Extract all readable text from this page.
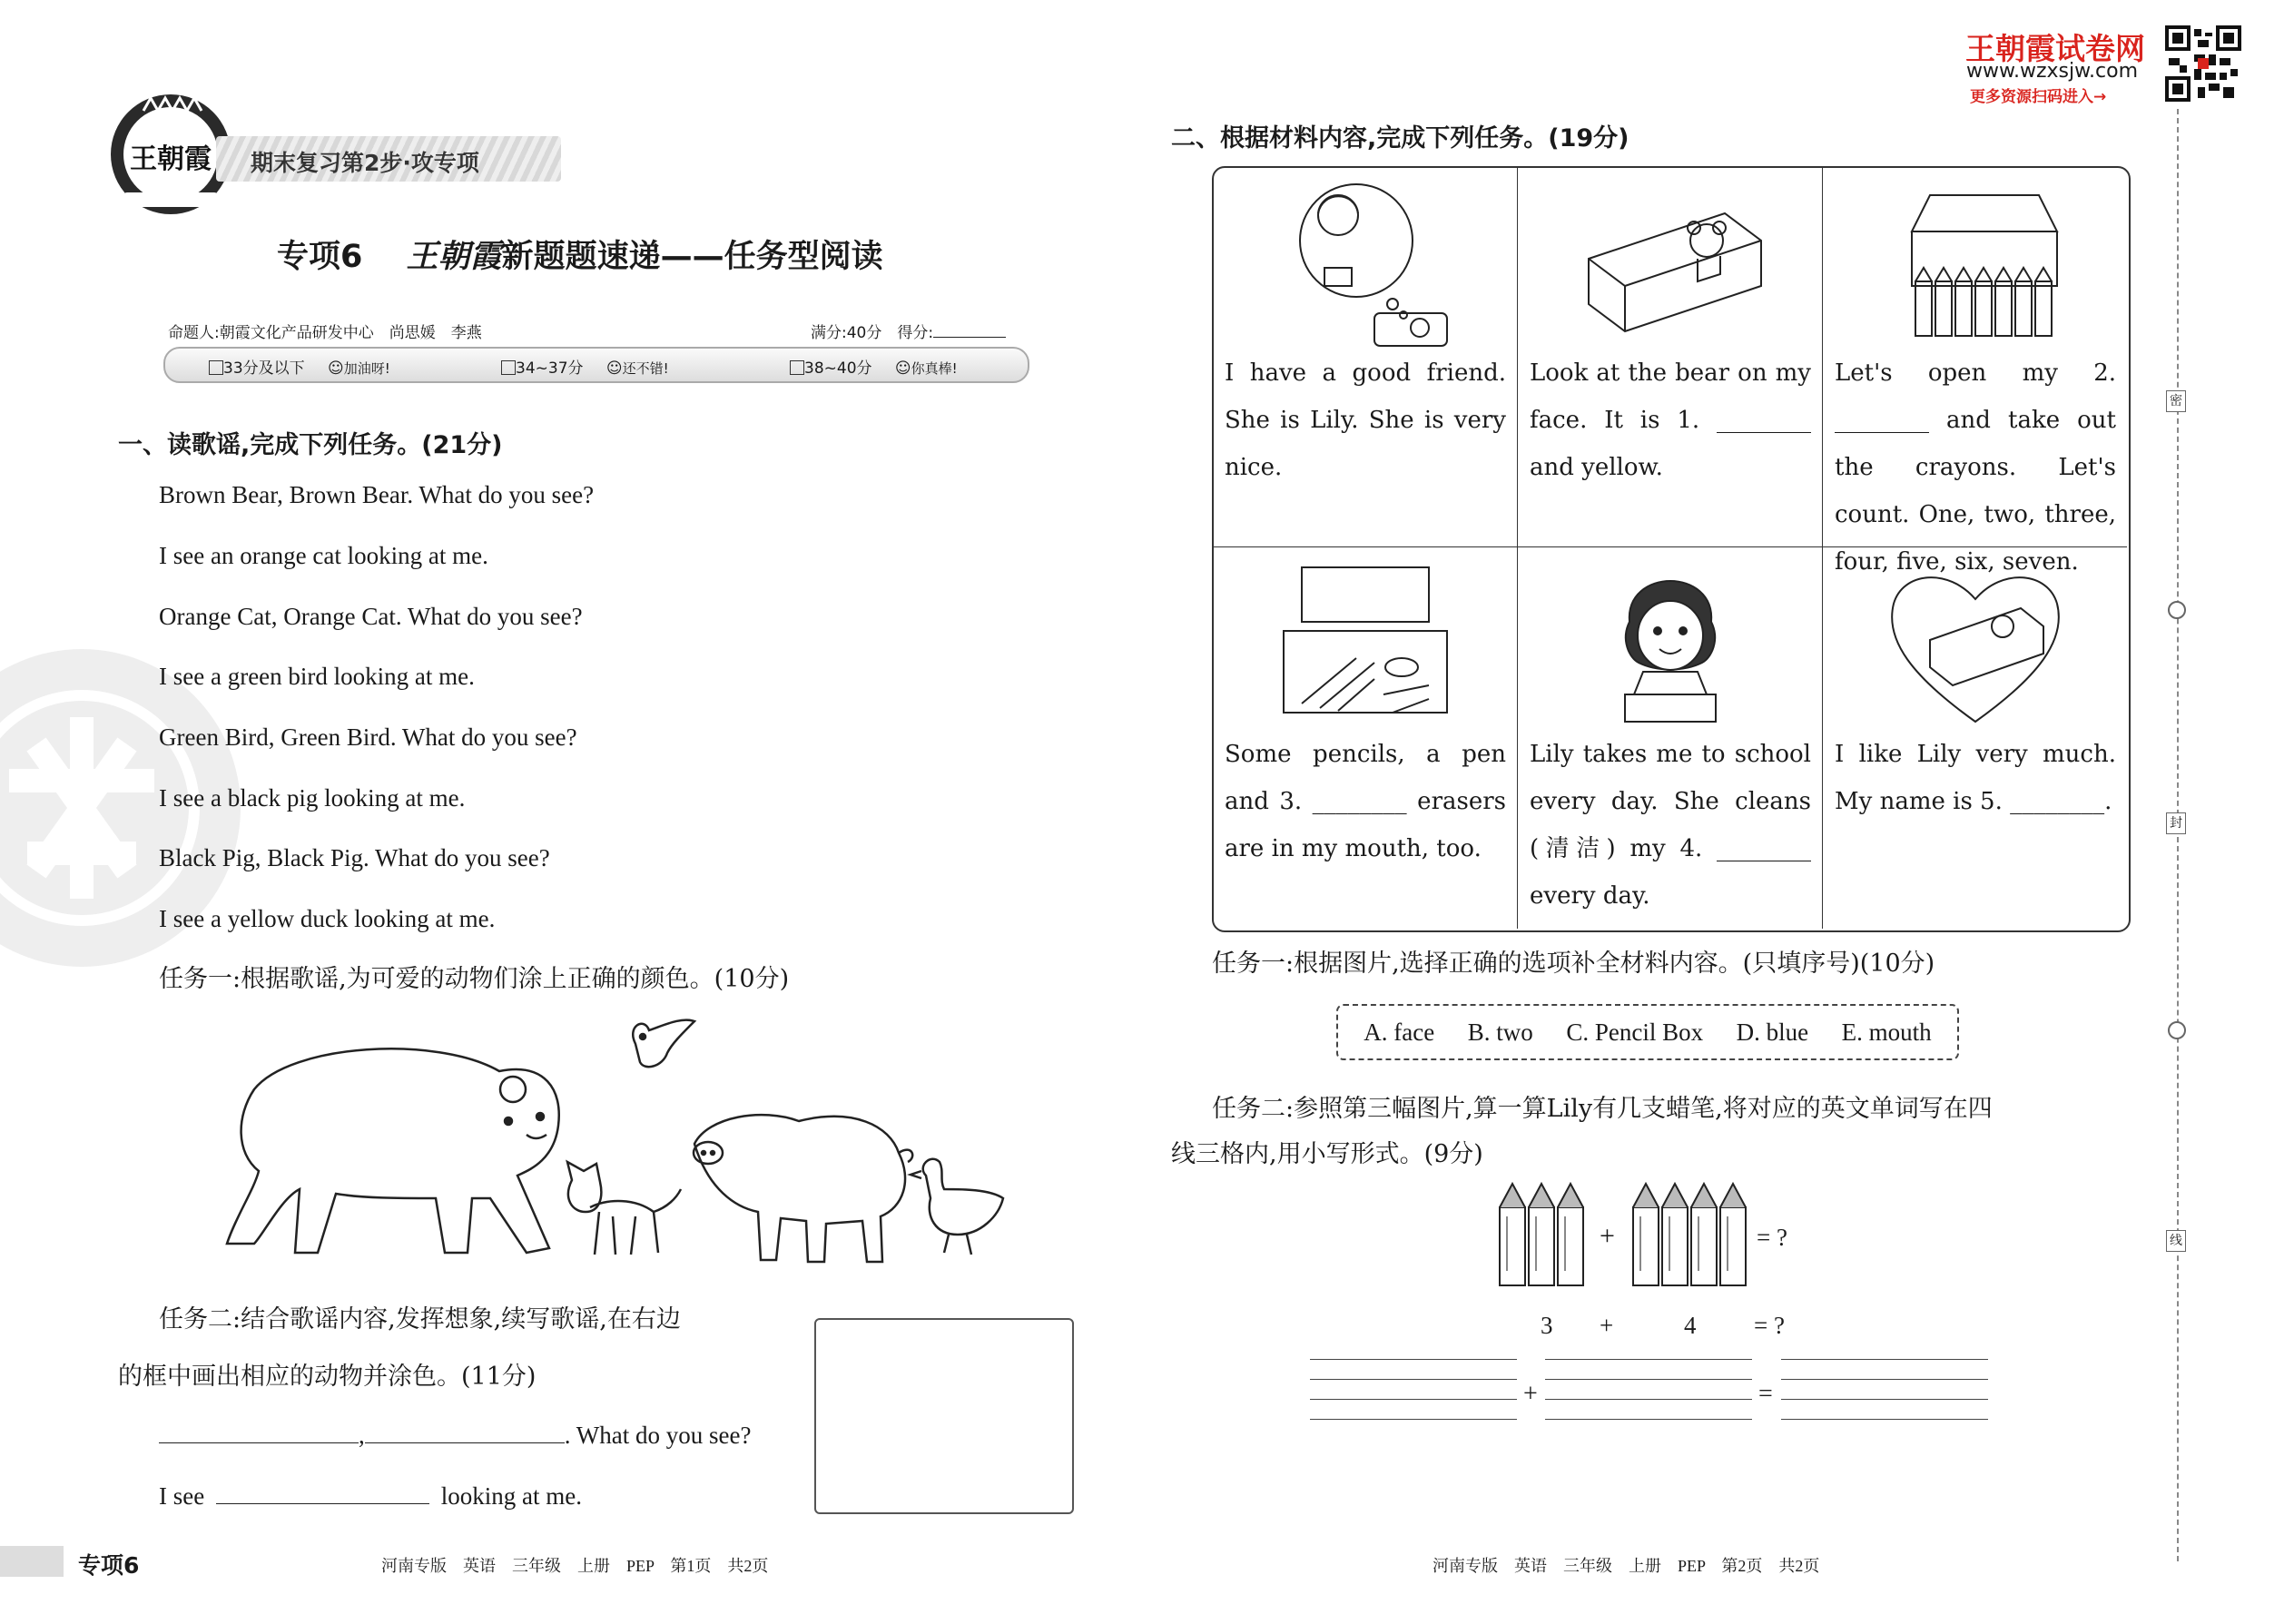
王朝霞 期末复习第2步·攻专项
专项6 王朝霞新题题速递——任务型阅读
命题人:朝霞文化产品研发中心　尚思媛　李燕	满分:40分　得分:
33分及以下 ☺加油呀!	34~37分 ☺还不错!	38~40分 ☺你真棒!
一、读歌谣,完成下列任务。(21分)
Brown Bear, Brown Bear. What do you see?
I see an orange cat looking at me.
Orange Cat, Orange Cat. What do you see?
I see a green bird looking at me.
Green Bird, Green Bird. What do you see?
I see a black pig looking at me.
Black Pig, Black Pig. What do you see?
I see a yellow duck looking at me.
任务一:根据歌谣,为可爱的动物们涂上正确的颜色。(10分)
任务二:结合歌谣内容,发挥想象,续写歌谣,在右边
的框中画出相应的动物并涂色。(11分)
,	. What do you see?
I see	looking at me.
专项6	河南专版　英语　三年级　上册　PEP　第1页　共2页
王朝霞试卷网
www.wzxsjw.com
更多资源扫码进入→
密
封
线
二、根据材料内容,完成下列任务。(19分)

I have a good friend. She is Lily. She is very nice.

Look at the bear on my face. It is 1. ________ and yellow.

Let's open my 2. ________ and take out the crayons. Let's count. One, two, three, four, five, six, seven.

Some pencils, a pen and 3. ________ erasers are in my mouth, too.

Lily takes me to school every day. She cleans (清洁) my 4. ________ every day.

I like Lily very much. My name is 5. ________.

任务一:根据图片,选择正确的选项补全材料内容。(只填序号)(10分)
A. face B. two C. Pencil Box D. blue E. mouth
任务二:参照第三幅图片,算一算Lily有几支蜡笔,将对应的英文单词写在四
线三格内,用小写形式。(9分)
+	= ?
3 +	4 = ?
+	=
河南专版　英语　三年级　上册　PEP　第2页　共2页
